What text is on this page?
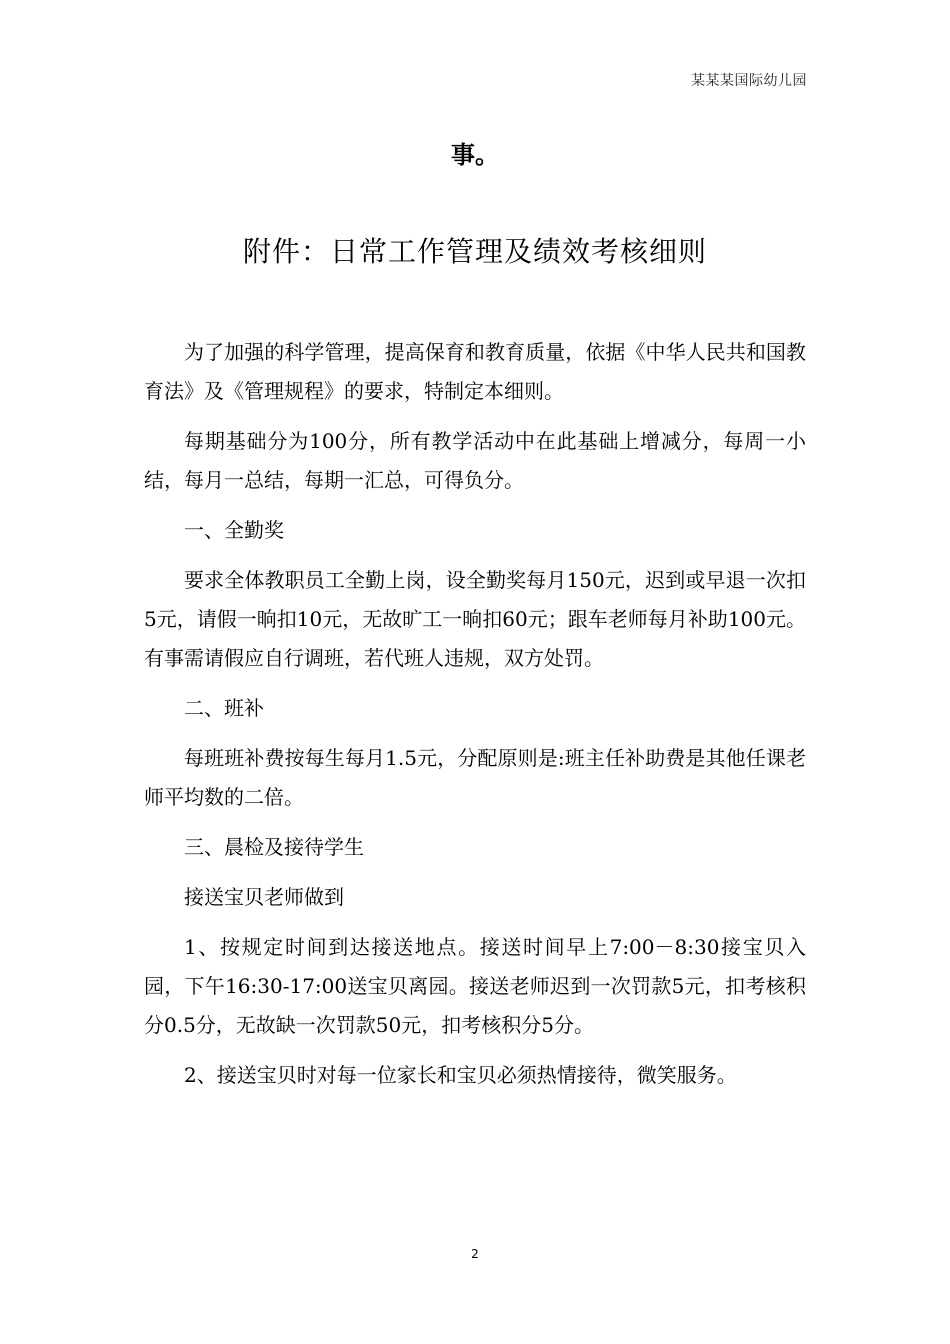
某某某国际幼儿园
事。
附件：日常工作管理及绩效考核细则

为了加强的科学管理，提高保育和教育质量，依据《中华人民共和国教育法》及《管理规程》的要求，特制定本细则。

每期基础分为100分，所有教学活动中在此基础上增减分，每周一小结，每月一总结，每期一汇总，可得负分。

一、全勤奖

要求全体教职员工全勤上岗，设全勤奖每月150元，迟到或早退一次扣5元，请假一晌扣10元，无故旷工一晌扣60元；跟车老师每月补助100元。有事需请假应自行调班，若代班人违规，双方处罚。

二、班补

每班班补费按每生每月1.5元，分配原则是:班主任补助费是其他任课老师平均数的二倍。

三、晨检及接待学生

接送宝贝老师做到

1、按规定时间到达接送地点。接送时间早上7:00－8:30接宝贝入园，下午16:30-17:00送宝贝离园。接送老师迟到一次罚款5元，扣考核积分0.5分，无故缺一次罚款50元，扣考核积分5分。

2、接送宝贝时对每一位家长和宝贝必须热情接待，微笑服务。

2
